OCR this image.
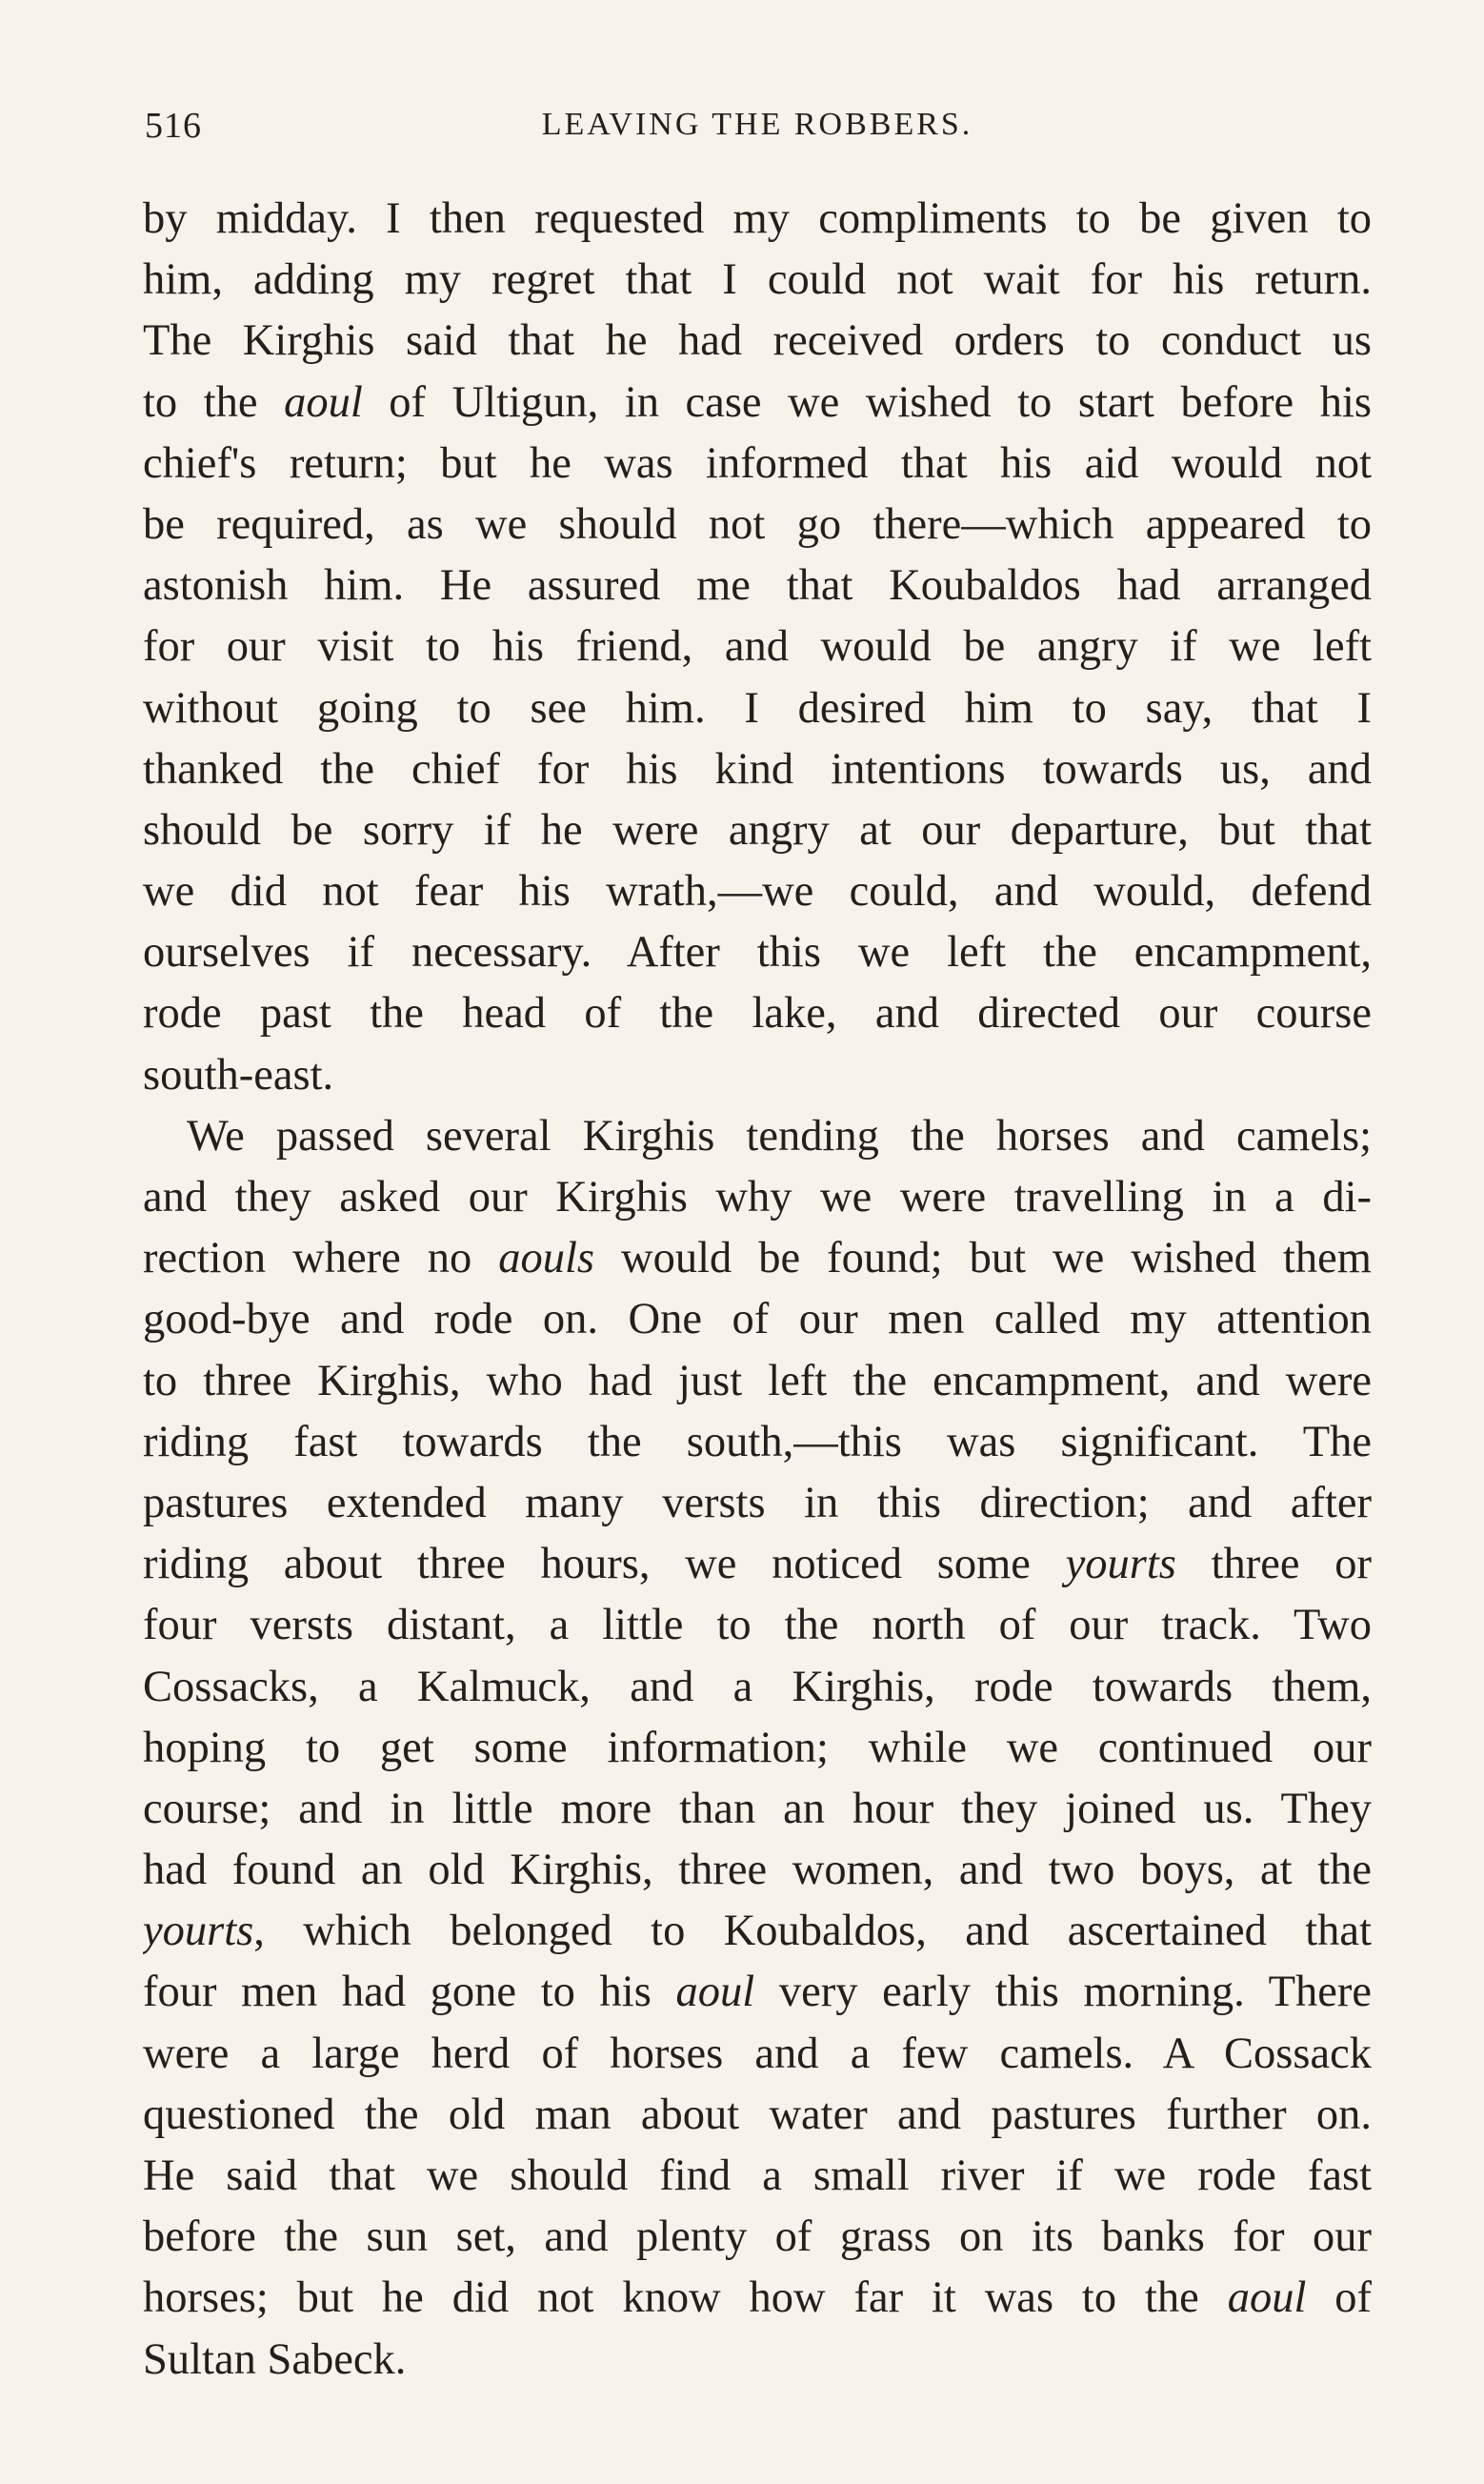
516	LEAVING THE ROBBERS.
by midday. I then requested my compliments to be given to
him, adding my regret that I could not wait for his return.
The Kirghis said that he had received orders to conduct us
to the aoul of Ultigun, in case we wished to start before his
chief's return; but he was informed that his aid would not
be required, as we should not go there—which appeared to
astonish him. He assured me that Koubaldos had arranged
for our visit to his friend, and would be angry if we left
without going to see him. I desired him to say, that I
thanked the chief for his kind intentions towards us, and
should be sorry if he were angry at our departure, but that
we did not fear his wrath,—we could, and would, defend
ourselves if necessary. After this we left the encampment,
rode past the head of the lake, and directed our course
south-east.
We passed several Kirghis tending the horses and camels;
and they asked our Kirghis why we were travelling in a di-
rection where no aouls would be found; but we wished them
good-bye and rode on. One of our men called my attention
to three Kirghis, who had just left the encampment, and were
riding fast towards the south,—this was significant. The
pastures extended many versts in this direction; and after
riding about three hours, we noticed some yourts three or
four versts distant, a little to the north of our track. Two
Cossacks, a Kalmuck, and a Kirghis, rode towards them,
hoping to get some information; while we continued our
course; and in little more than an hour they joined us. They
had found an old Kirghis, three women, and two boys, at the
yourts, which belonged to Koubaldos, and ascertained that
four men had gone to his aoul very early this morning. There
were a large herd of horses and a few camels. A Cossack
questioned the old man about water and pastures further on.
He said that we should find a small river if we rode fast
before the sun set, and plenty of grass on its banks for our
horses; but he did not know how far it was to the aoul of
Sultan Sabeck.
